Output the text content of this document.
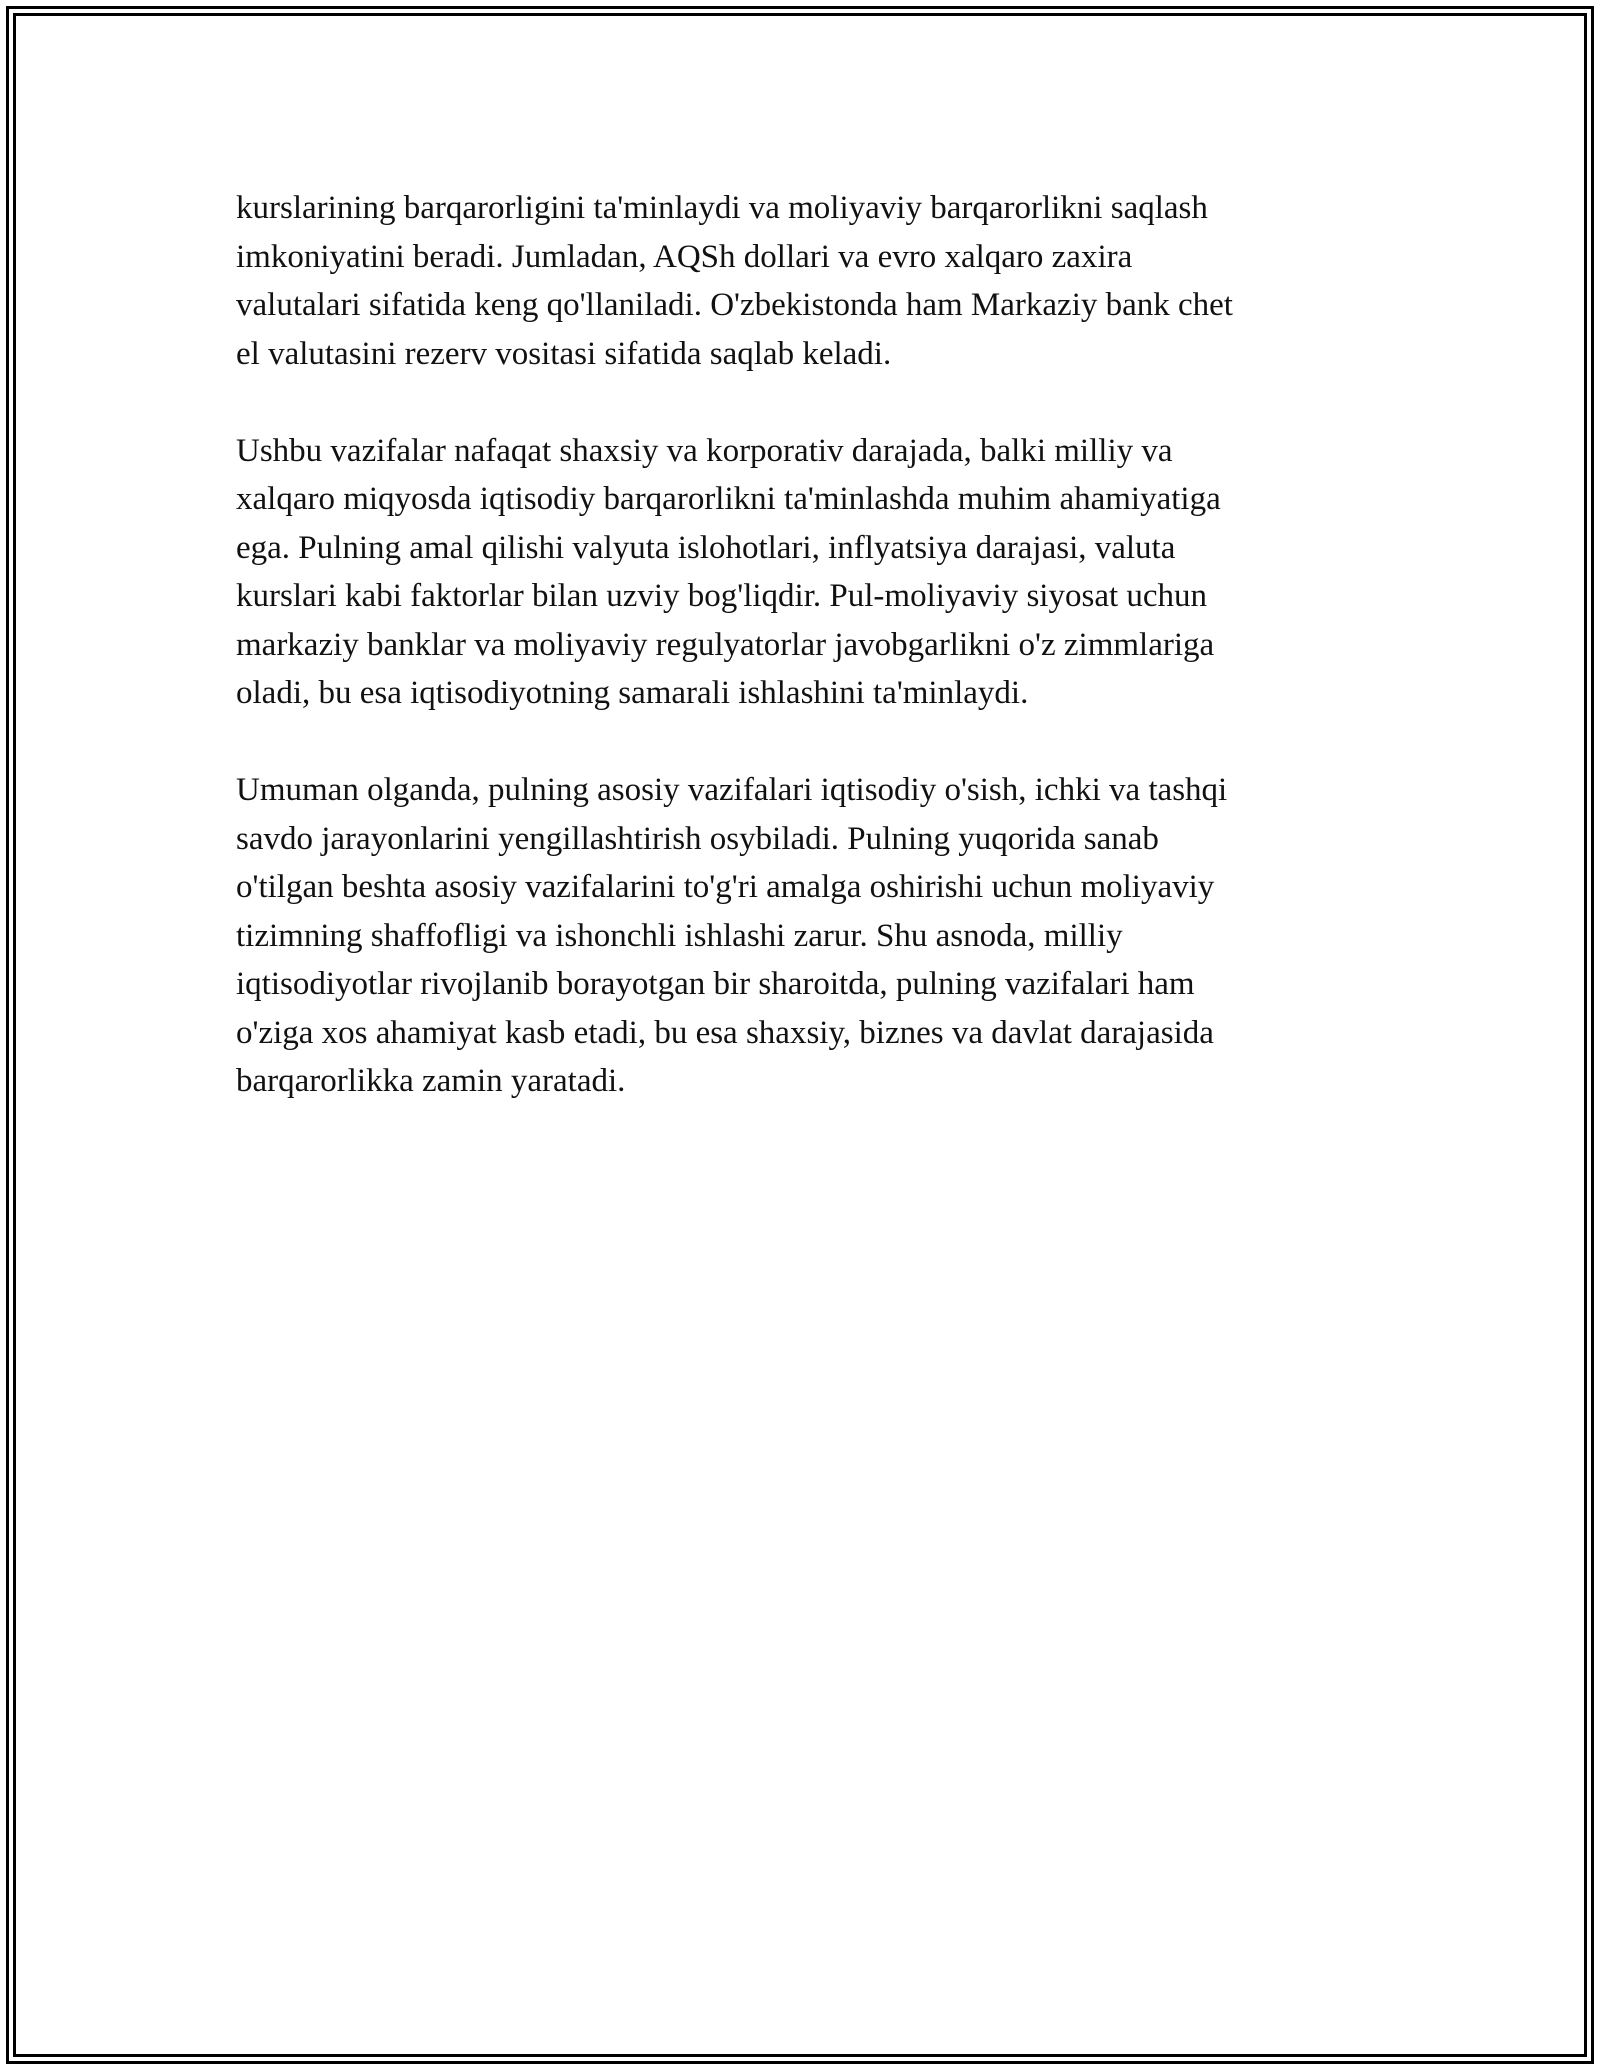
kurslarining barqarorligini ta'minlaydi va moliyaviy barqarorlikni saqlash
imkoniyatini beradi. Jumladan, AQSh dollari va evro xalqaro zaxira
valutalari sifatida keng qo'llaniladi. O'zbekistonda ham Markaziy bank chet
el valutasini rezerv vositasi sifatida saqlab keladi.

Ushbu vazifalar nafaqat shaxsiy va korporativ darajada, balki milliy va
xalqaro miqyosda iqtisodiy barqarorlikni ta'minlashda muhim ahamiyatiga
ega. Pulning amal qilishi valyuta islohotlari, inflyatsiya darajasi, valuta
kurslari kabi faktorlar bilan uzviy bog'liqdir. Pul-moliyaviy siyosat uchun
markaziy banklar va moliyaviy regulyatorlar javobgarlikni o'z zimmlariga
oladi, bu esa iqtisodiyotning samarali ishlashini ta'minlaydi.

Umuman olganda, pulning asosiy vazifalari iqtisodiy o'sish, ichki va tashqi
savdo jarayonlarini yengillashtirish osybiladi. Pulning yuqorida sanab
o'tilgan beshta asosiy vazifalarini to'g'ri amalga oshirishi uchun moliyaviy
tizimning shaffofligi va ishonchli ishlashi zarur. Shu asnoda, milliy
iqtisodiyotlar rivojlanib borayotgan bir sharoitda, pulning vazifalari ham
o'ziga xos ahamiyat kasb etadi, bu esa shaxsiy, biznes va davlat darajasida
barqarorlikka zamin yaratadi.
